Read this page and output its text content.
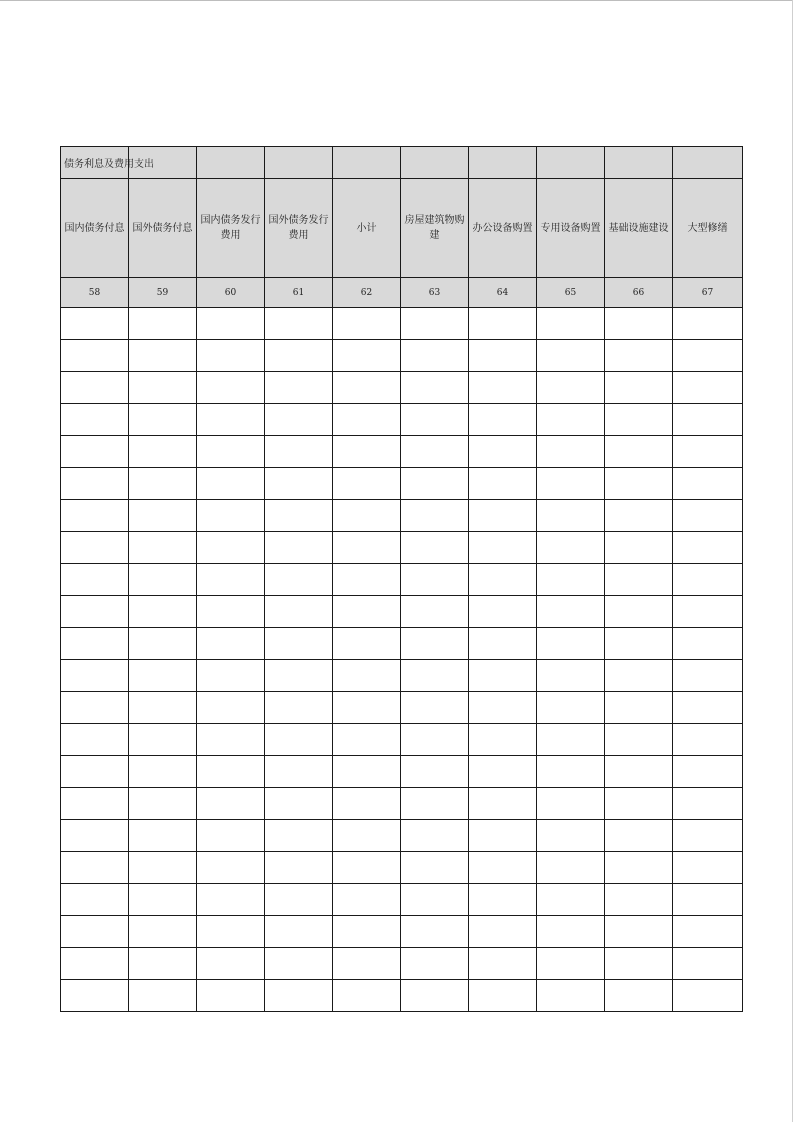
债务利息及费用支出									
国内债务付息	国外债务付息	国内债务发行费用	国外债务发行费用	小计	房屋建筑物购建	办公设备购置	专用设备购置	基础设施建设	大型修缮
58	59	60	61	62	63	64	65	66	67
